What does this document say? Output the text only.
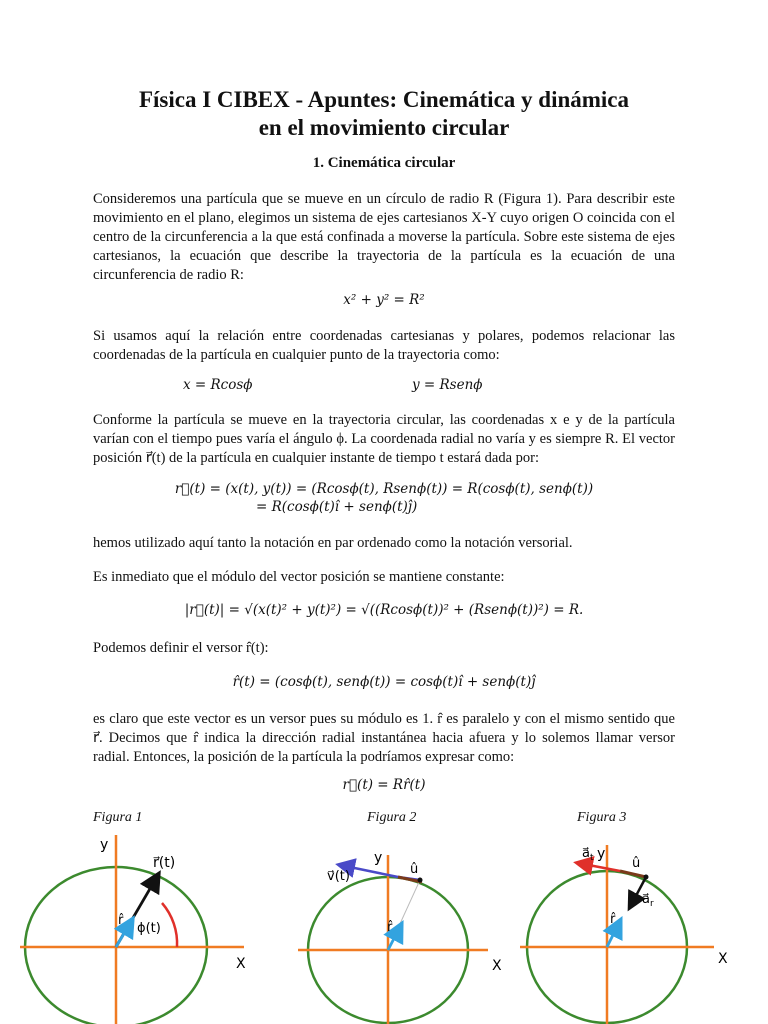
Física I CIBEX - Apuntes: Cinemática y dinámica
en el movimiento circular
1. Cinemática circular
Consideremos una partícula que se mueve en un círculo de radio R (Figura 1). Para describir este movimiento en el plano, elegimos un sistema de ejes cartesianos X-Y cuyo origen O coincida con el centro de la circunferencia a la que está confinada a moverse la partícula. Sobre este sistema de ejes cartesianos, la ecuación que describe la trayectoria de la partícula es la ecuación de una circunferencia de radio R:
x² + y² = R²
Si usamos aquí la relación entre coordenadas cartesianas y polares, podemos relacionar las coordenadas de la partícula en cualquier punto de la trayectoria como:
x = Rcosϕ	y = Rsenϕ
Conforme la partícula se mueve en la trayectoria circular, las coordenadas x e y de la partícula varían con el tiempo pues varía el ángulo ϕ. La coordenada radial no varía y es siempre R. El vector posición r⃗(t) de la partícula en cualquier instante de tiempo t estará dada por:
r⃗(t) = (x(t), y(t)) = (Rcosϕ(t), Rsenϕ(t)) = R(cosϕ(t), senϕ(t))
= R(cosϕ(t)î + senϕ(t)ĵ)
hemos utilizado aquí tanto la notación en par ordenado como la notación versorial.
Es inmediato que el módulo del vector posición se mantiene constante:
|r⃗(t)| = √(x(t)² + y(t)²) = √((Rcosϕ(t))² + (Rsenϕ(t))²) = R.
Podemos definir el versor r̂(t):
r̂(t) = (cosϕ(t), senϕ(t)) = cosϕ(t)î + senϕ(t)ĵ
es claro que este vector es un versor pues su módulo es 1. r̂ es paralelo y con el mismo sentido que r⃗. Decimos que r̂ indica la dirección radial instantánea hacia afuera y lo solemos llamar versor radial. Entonces, la posición de la partícula la podríamos expresar como:
r⃗(t) = Rr̂(t)
Figura 1	Figura 2	Figura 3
y
X
r⃗(t)
r̂
ϕ(t)
y
X
v⃗(t)	û
r̂
y
X
$a⃗_t$	û
$a⃗_r$
r̂
